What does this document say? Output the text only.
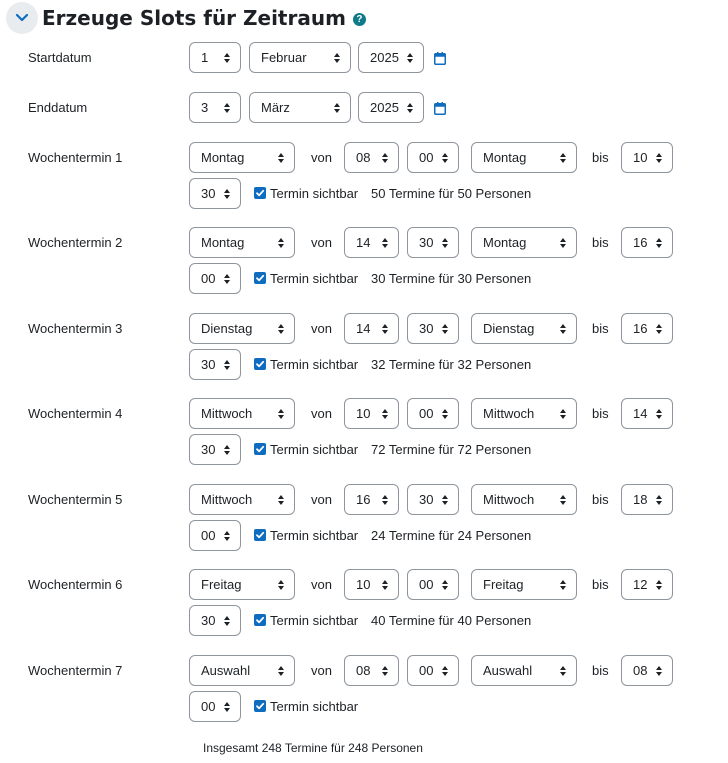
Erzeuge Slots für Zeitraum	?
Startdatum	1	Februar	2025
Enddatum	3	März	2025
Wochentermin 1	Montag	von 08	00	Montag	bis 10
30	Termin sichtbar 50 Termine für 50 Personen
Wochentermin 2	Montag	von 14	30	Montag	bis 16
00	Termin sichtbar 30 Termine für 30 Personen
Wochentermin 3	Dienstag	von 14	30	Dienstag	bis 16
30	Termin sichtbar 32 Termine für 32 Personen
Wochentermin 4	Mittwoch	von 10	00	Mittwoch	bis 14
30	Termin sichtbar 72 Termine für 72 Personen
Wochentermin 5	Mittwoch	von 16	30	Mittwoch	bis 18
00	Termin sichtbar 24 Termine für 24 Personen
Wochentermin 6	Freitag	von 10	00	Freitag	bis 12
30	Termin sichtbar 40 Termine für 40 Personen
Wochentermin 7	Auswahl	von 08	00	Auswahl	bis 08
00	Termin sichtbar
Insgesamt 248 Termine für 248 Personen
